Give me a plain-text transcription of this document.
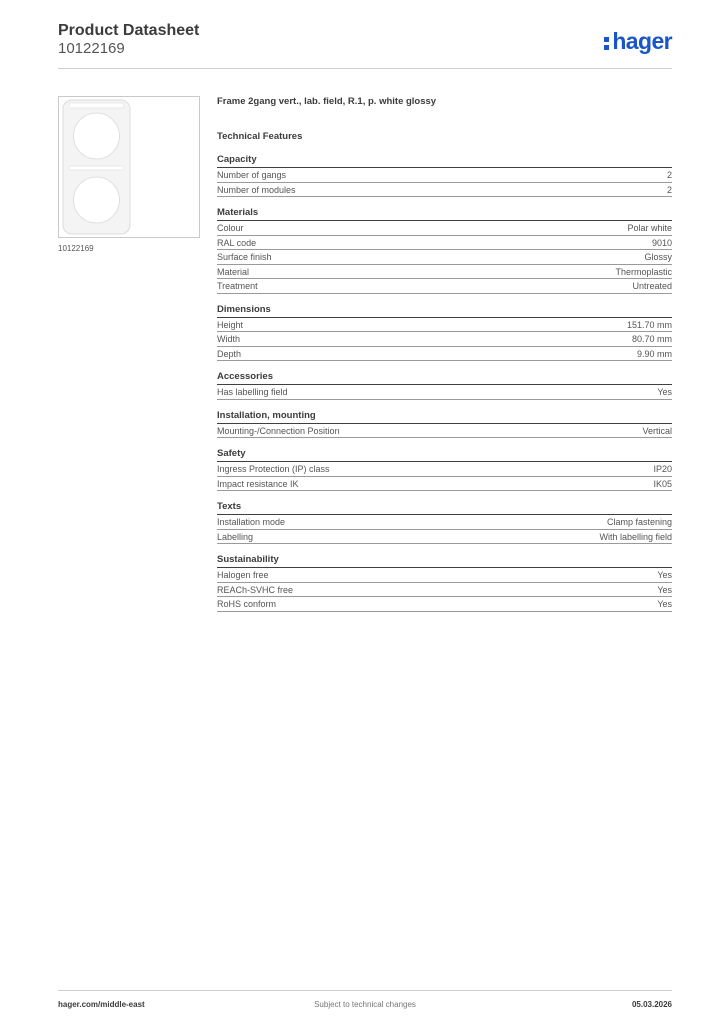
Product Datasheet
10122169	hager
10122169
Frame 2gang vert., lab. field, R.1, p. white glossy
Technical Features
Capacity
Number of gangs	2
Number of modules	2
Materials
Colour	Polar white
RAL code	9010
Surface finish	Glossy
Material	Thermoplastic
Treatment	Untreated
Dimensions
Height	151.70 mm
Width	80.70 mm
Depth	9.90 mm
Accessories
Has labelling field	Yes
Installation, mounting
Mounting-/Connection Position	Vertical
Safety
Ingress Protection (IP) class	IP20
Impact resistance IK	IK05
Texts
Installation mode	Clamp fastening
Labelling	With labelling field
Sustainability
Halogen free	Yes
REACh-SVHC free	Yes
RoHS conform	Yes
hager.com/middle-east	Subject to technical changes	05.03.2026
